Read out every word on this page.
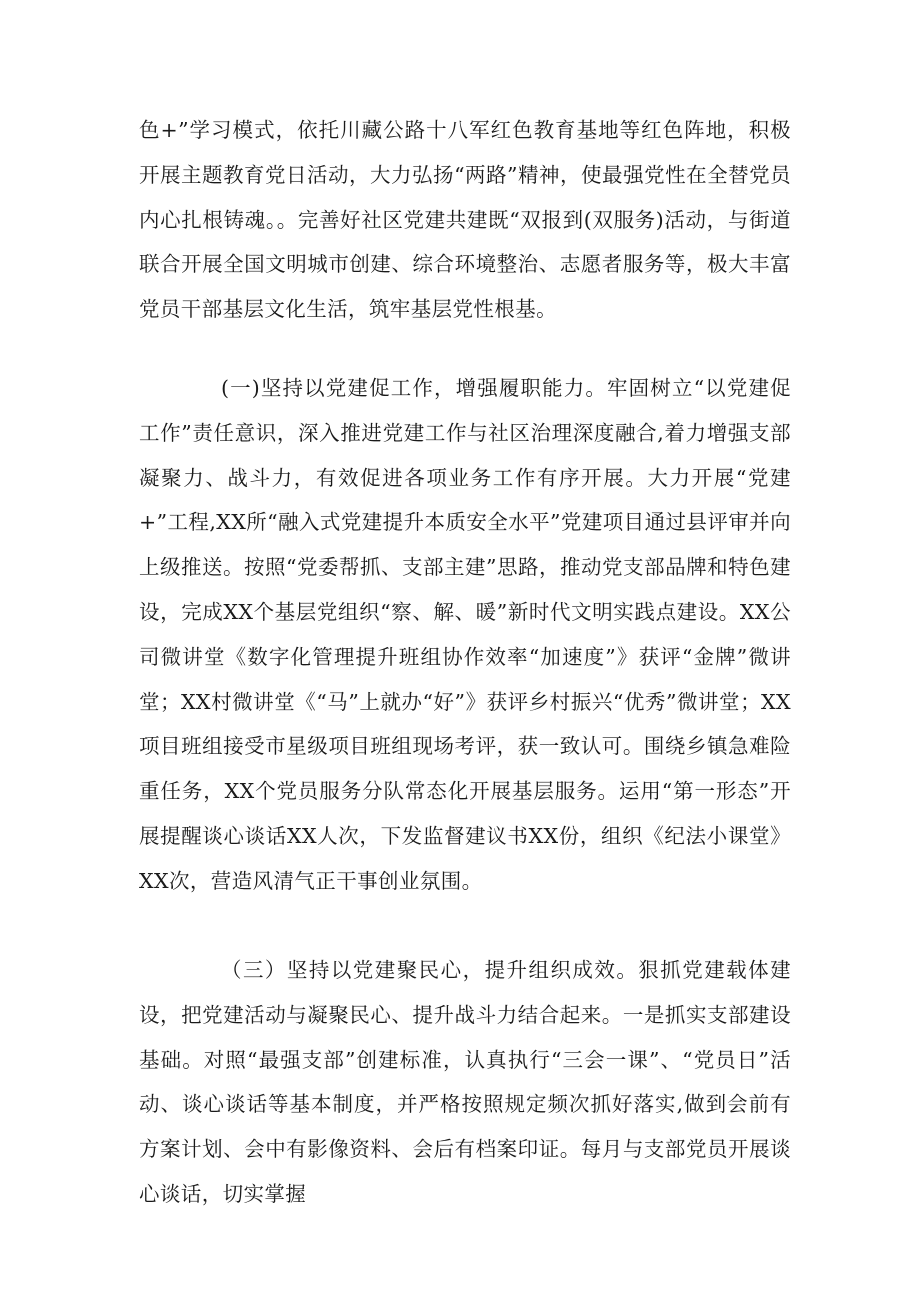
色+”学习模式，依托川藏公路十八军红色教育基地等红色阵地，积极开展主题教育党日活动，大力弘扬“两路”精神，使最强党性在全替党员内心扎根铸魂。。完善好社区党建共建既“双报到(双服务)活动，与街道联合开展全国文明城市创建、综合环境整治、志愿者服务等，极大丰富党员干部基层文化生活，筑牢基层党性根基。

(一)坚持以党建促工作，增强履职能力。牢固树立“以党建促工作”责任意识，深入推进党建工作与社区治理深度融合,着力增强支部凝聚力、战斗力，有效促进各项业务工作有序开展。大力开展“党建+”工程,XX所“融入式党建提升本质安全水平”党建项目通过县评审并向上级推送。按照“党委帮抓、支部主建”思路，推动党支部品牌和特色建设，完成XX个基层党组织“察、解、暖”新时代文明实践点建设。XX公司微讲堂《数字化管理提升班组协作效率“加速度”》获评“金牌”微讲堂；XX村微讲堂《“马”上就办“好”》获评乡村振兴“优秀”微讲堂；XX项目班组接受市星级项目班组现场考评，获一致认可。围绕乡镇急难险重任务，XX个党员服务分队常态化开展基层服务。运用“第一形态”开展提醒谈心谈话XX人次，下发监督建议书XX份，组织《纪法小课堂》XX次，营造风清气正干事创业氛围。

（三）坚持以党建聚民心，提升组织成效。狠抓党建载体建设，把党建活动与凝聚民心、提升战斗力结合起来。一是抓实支部建设基础。对照“最强支部”创建标准，认真执行“三会一课”、“党员日”活动、谈心谈话等基本制度，并严格按照规定频次抓好落实,做到会前有方案计划、会中有影像资料、会后有档案印证。每月与支部党员开展谈心谈话，切实掌握
